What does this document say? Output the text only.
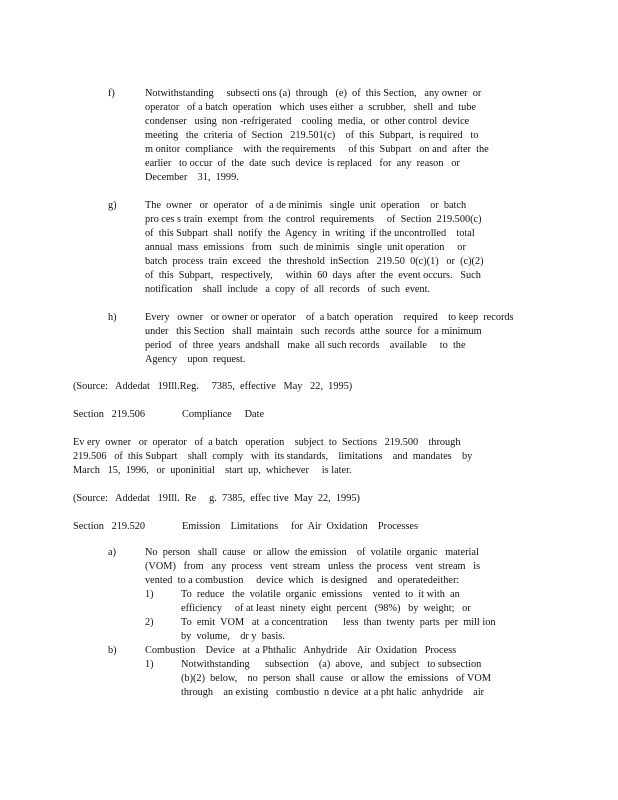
f)	Notwithstanding     subsecti ons (a)  through   (e)  of  this Section,   any owner  or
operator   of a batch  operation   which  uses either  a  scrubber,   shell  and  tube
condenser   using  non -refrigerated    cooling  media,  or  other control  device
meeting   the  criteria  of  Section   219.501(c)    of  this  Subpart,  is required   to
m onitor  compliance    with  the requirements     of this  Subpart   on and  after  the
earlier   to occur  of  the  date  such  device  is replaced   for  any  reason   or
December    31,  1999.
g)	The  owner   or  operator   of  a de minimis   single  unit  operation    or  batch
pro ces s train  exempt  from  the  control  requirements     of  Section  219.500(c)
of  this Subpart  shall  notify  the  Agency  in  writing  if the uncontrolled    total
annual  mass  emissions   from   such  de minimis   single  unit operation     or
batch  process  train  exceed   the  threshold  inSection   219.50  0(c)(1)   or  (c)(2)
of  this  Subpart,   respectively,     within  60  days  after  the  event occurs.   Such
notification    shall  include   a  copy  of  all  records   of  such  event.
h)	Every   owner   or owner or operator    of  a batch  operation    required    to keep  records
under   this Section   shall  maintain   such  records  atthe  source  for  a minimum
period   of  three  years  andshall   make  all such records    available     to  the
Agency    upon  request.
(Source:   Addedat   19Ill.Reg.     7385,  effective   May   22,  1995)
Section   219.506	Compliance     Date
Ev ery  owner   or  operator   of  a batch   operation    subject  to  Sections   219.500    through
219.506   of  this Subpart    shall  comply   with  its standards,    limitations    and  mandates    by
March   15,  1996,   or  uponinitial    start  up,  whichever     is later.
(Source:   Addedat   19Ill.  Re     g.  7385,  effec tive  May  22,  1995)
Section   219.520	Emission    Limitations     for  Air  Oxidation    Processes
a)	No  person   shall  cause   or  allow  the emission    of  volatile  organic   material
(VOM)   from   any  process   vent  stream   unless  the  process   vent  stream   is
vented  to a combustion     device  which   is designed    and  operatedeither:
1)	To  reduce   the  volatile  organic  emissions    vented  to  it with  an
efficiency     of at least  ninety  eight  percent   (98%)   by  weight;   or
2)	To  emit  VOM   at  a concentration      less  than  twenty  parts  per  mill ion
by  volume,    dr y  basis.
b)	Combustion    Device   at  a Phthalic   Anhydride    Air  Oxidation   Process
1)	Notwithstanding      subsection    (a)  above,   and  subject   to subsection
(b)(2)  below,    no  person  shall  cause   or allow  the  emissions   of VOM
through    an existing   combustio  n device  at a pht halic  anhydride    air
